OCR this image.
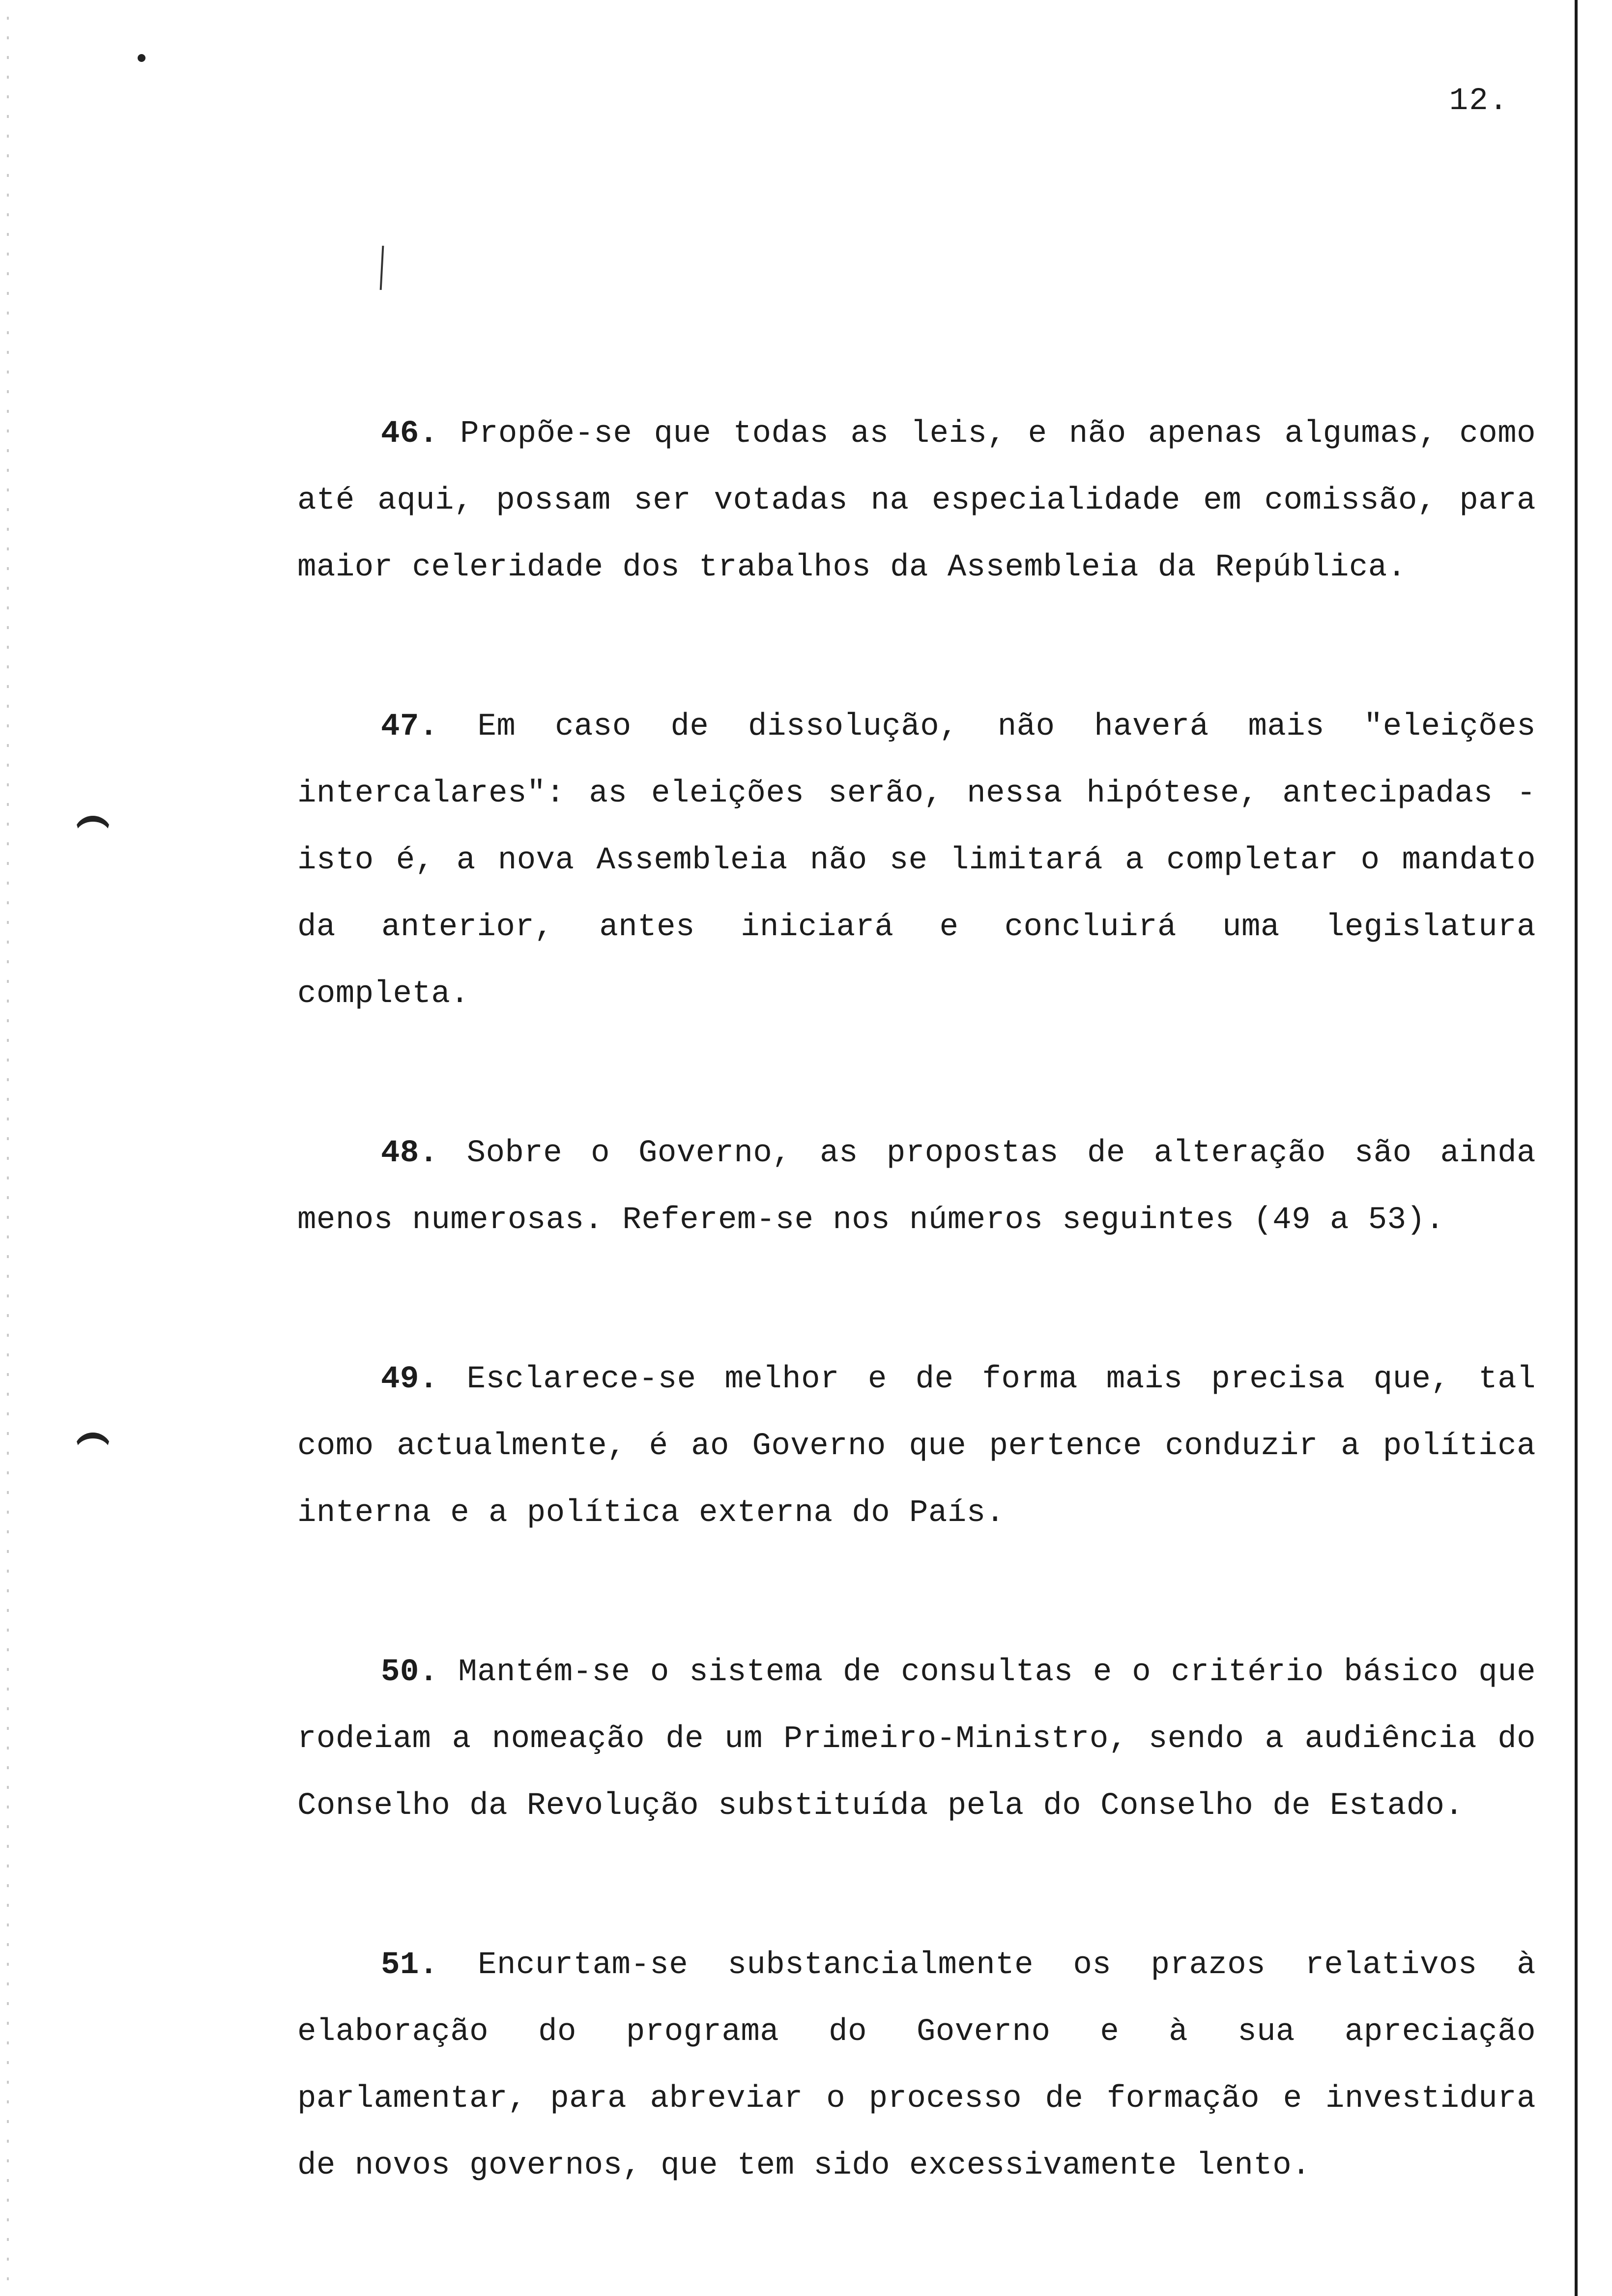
12.

46. Propõe-se que todas as leis, e não apenas algumas, como até aqui, possam ser votadas na especialidade em comissão, para maior celeridade dos trabalhos da Assembleia da República.

47. Em caso de dissolução, não haverá mais "eleições intercalares": as eleições serão, nessa hipótese, antecipadas -isto é, a nova Assembleia não se limitará a completar o mandato da anterior, antes iniciará e concluirá uma legislatura completa.

48. Sobre o Governo, as propostas de alteração são ainda menos numerosas. Referem-se nos números seguintes (49 a 53).

49. Esclarece-se melhor e de forma mais precisa que, tal como actualmente, é ao Governo que pertence conduzir a política interna e a política externa do País.

50. Mantém-se o sistema de consultas e o critério básico que rodeiam a nomeação de um Primeiro-Ministro, sendo a audiência do Conselho da Revolução substituída pela do Conselho de Estado.

51. Encurtam-se substancialmente os prazos relativos à elaboração do programa do Governo e à sua apreciação parlamentar, para abreviar o processo de formação e investidura de novos governos, que tem sido excessivamente lento.
